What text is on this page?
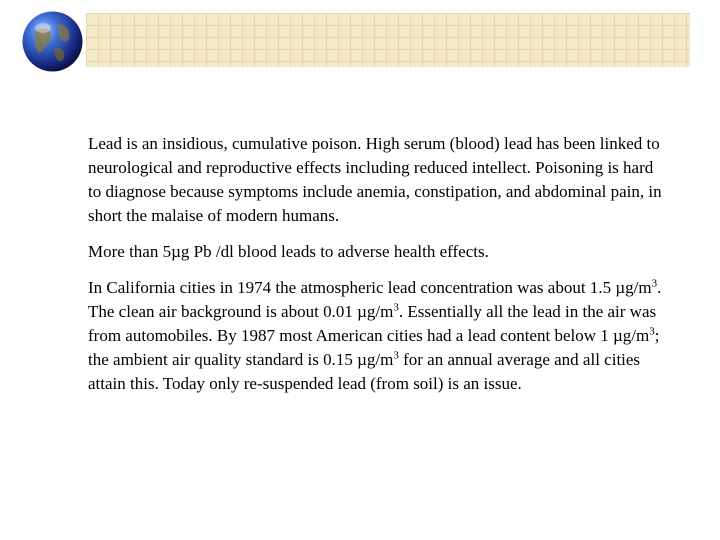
Lead is an insidious, cumulative poison. High serum (blood) lead has been linked to neurological and reproductive effects including reduced intellect. Poisoning is hard to diagnose because symptoms include anemia, constipation, and abdominal pain, in short the malaise of modern humans.

More than 5µg Pb /dl blood leads to adverse health effects.

In California cities in 1974 the atmospheric lead concentration was about 1.5 $\mu g/m^3$. The clean air background is about 0.01 $\mu g/m^3$. Essentially all the lead in the air was from automobiles. By 1987 most American cities had a lead content below 1 $\mu g/m^3$; the ambient air quality standard is 0.15 $\mu g/m^3$ for an annual average and all cities attain this. Today only re-suspended lead (from soil) is an issue.
